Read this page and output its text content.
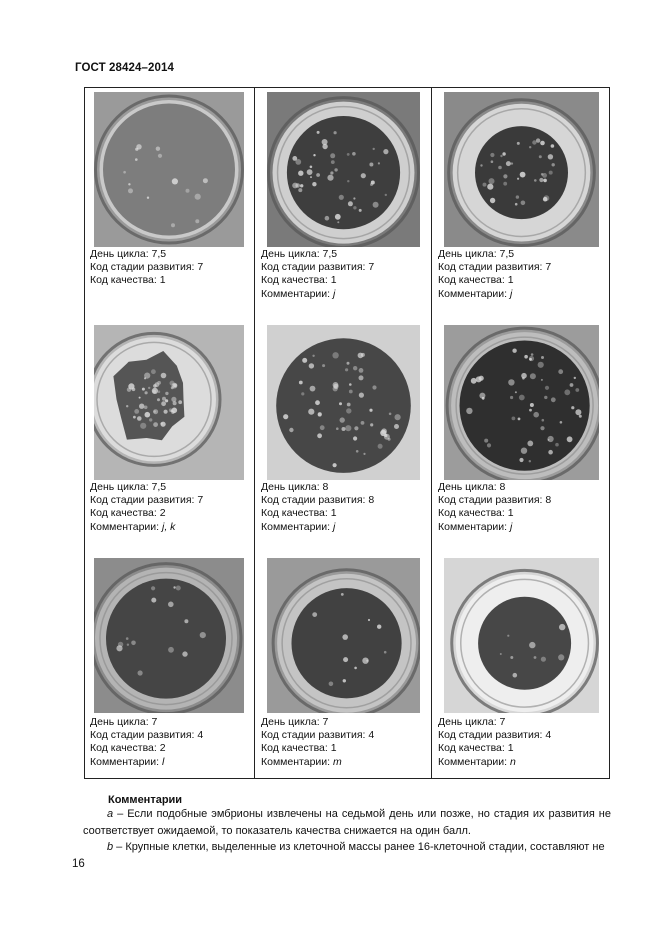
ГОСТ 28424–2014
День цикла: 7,5
Код стадии развития: 7
Код качества: 1
День цикла: 7,5
Код стадии развития: 7
Код качества: 1
Комментарии: j
День цикла: 7,5
Код стадии развития: 7
Код качества: 1
Комментарии: j
День цикла: 7,5
Код стадии развития: 7
Код качества: 2
Комментарии: j, k
День цикла: 8
Код стадии развития: 8
Код качества: 1
Комментарии: j
День цикла: 8
Код стадии развития: 8
Код качества: 1
Комментарии: j
День цикла: 7
Код стадии развития: 4
Код качества: 2
Комментарии: l
День цикла: 7
Код стадии развития: 4
Код качества: 1
Комментарии: m
День цикла: 7
Код стадии развития: 4
Код качества: 1
Комментарии: n
Комментарии
a – Если подобные эмбрионы извлечены на седьмой день или позже, но стадия их развития не соответствует ожидаемой, то показатель качества снижается на один балл.
b – Крупные клетки, выделенные из клеточной массы ранее 16-клеточной стадии, составляют не
16
